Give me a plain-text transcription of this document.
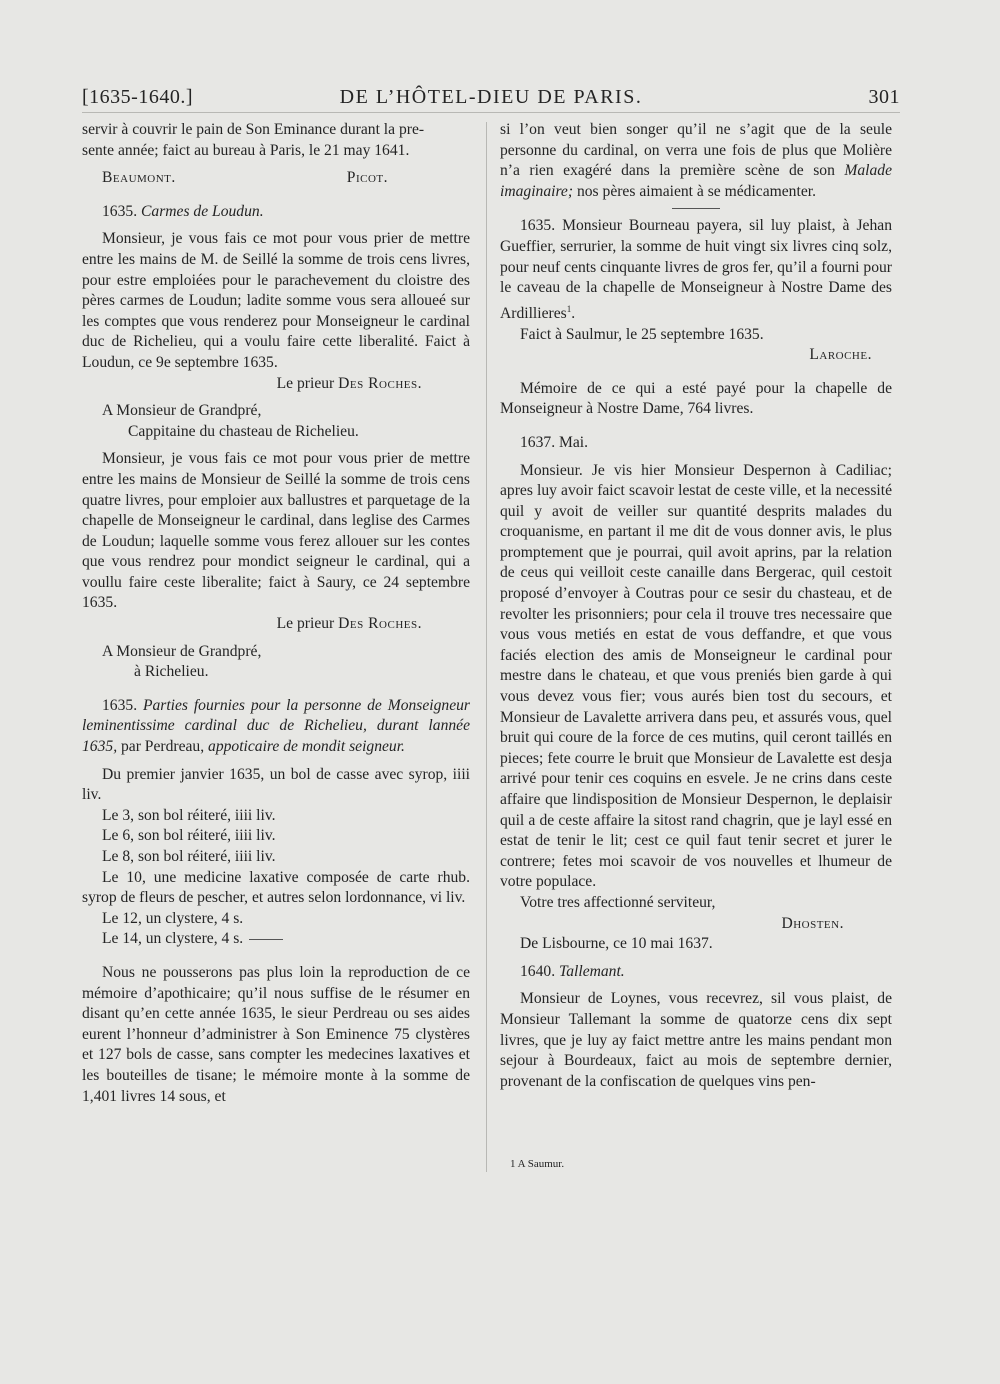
[1635-1640.]	DE L’HÔTEL-DIEU DE PARIS.	301

servir à couvrir le pain de Son Eminance durant la pre-

sente année; faict au bureau à Paris, le 21 may 1641.

Beaumont.	Picot.

1635. Carmes de Loudun.

Monsieur, je vous fais ce mot pour vous prier de mettre entre les mains de M. de Seillé la somme de trois cens livres, pour estre emploiées pour le parachevement du cloistre des pères carmes de Loudun; ladite somme vous sera alloueé sur les comptes que vous renderez pour Monseigneur le cardinal duc de Richelieu, qui a voulu faire cette liberalité. Faict à Loudun, ce 9e septembre 1635.

Le prieur Des Roches.

A Monsieur de Grandpré,

Cappitaine du chasteau de Richelieu.

Monsieur, je vous fais ce mot pour vous prier de mettre entre les mains de Monsieur de Seillé la somme de trois cens quatre livres, pour emploier aux ballustres et parquetage de la chapelle de Monseigneur le cardinal, dans leglise des Carmes de Loudun; laquelle somme vous ferez allouer sur les contes que vous rendrez pour mondict seigneur le cardinal, qui a voullu faire ceste liberalite; faict à Saury, ce 24 septembre 1635.

Le prieur Des Roches.

A Monsieur de Grandpré,

à Richelieu.

1635. Parties fournies pour la personne de Monseigneur leminentissime cardinal duc de Richelieu, durant lannée 1635, par Perdreau, appoticaire de mondit seigneur.

Du premier janvier 1635, un bol de casse avec syrop, iiii liv.

Le 3, son bol réiteré, iiii liv.

Le 6, son bol réiteré, iiii liv.

Le 8, son bol réiteré, iiii liv.

Le 10, une medicine laxative composée de carte rhub. syrop de fleurs de pescher, et autres selon lordonnance, vi liv.

Le 12, un clystere, 4 s.

Le 14, un clystere, 4 s.

Nous ne pousserons pas plus loin la reproduction de ce mémoire d’apothicaire; qu’il nous suffise de le résumer en disant qu’en cette année 1635, le sieur Perdreau ou ses aides eurent l’honneur d’administrer à Son Eminence 75 clystères et 127 bols de casse, sans compter les medecines laxatives et les bouteilles de tisane; le mémoire monte à la somme de 1,401 livres 14 sous, et

si l’on veut bien songer qu’il ne s’agit que de la seule personne du cardinal, on verra une fois de plus que Molière n’a rien exagéré dans la première scène de son Malade imaginaire; nos pères aimaient à se médicamenter.

1635. Monsieur Bourneau payera, sil luy plaist, à Jehan Gueffier, serrurier, la somme de huit vingt six livres cinq solz, pour neuf cents cinquante livres de gros fer, qu’il a fourni pour le caveau de la chapelle de Monseigneur à Nostre Dame des Ardillieres$^1$.

Faict à Saulmur, le 25 septembre 1635.

Laroche.

Mémoire de ce qui a esté payé pour la chapelle de Monseigneur à Nostre Dame, 764 livres.

1637. Mai.

Monsieur. Je vis hier Monsieur Despernon à Cadiliac; apres luy avoir faict scavoir lestat de ceste ville, et la necessité quil y avoit de veiller sur quantité desprits malades du croquanisme, en partant il me dit de vous donner avis, le plus promptement que je pourrai, quil avoit aprins, par la relation de ceus qui veilloit ceste canaille dans Bergerac, quil cestoit proposé d’envoyer à Coutras pour ce sesir du chasteau, et de revolter les prisonniers; pour cela il trouve tres necessaire que vous vous metiés en estat de vous deffandre, et que vous faciés election des amis de Monseigneur le cardinal pour mestre dans le chateau, et que vous preniés bien garde à qui vous devez vous fier; vous aurés bien tost du secours, et Monsieur de Lavalette arrivera dans peu, et assurés vous, quel bruit qui coure de la force de ces mutins, quil ceront taillés en pieces; fete courre le bruit que Monsieur de Lavalette est desja arrivé pour tenir ces coquins en esvele. Je ne crins dans ceste affaire que lindisposition de Monsieur Despernon, le deplaisir quil a de ceste affaire la sitost rand chagrin, que je layl essé en estat de tenir le lit; cest ce quil faut tenir secret et jurer le contrere; fetes moi scavoir de vos nouvelles et lhumeur de votre populace.

Votre tres affectionné serviteur,

Dhosten.

De Lisbourne, ce 10 mai 1637.

1640. Tallemant.

Monsieur de Loynes, vous recevrez, sil vous plaist, de Monsieur Tallemant la somme de quatorze cens dix sept livres, que je luy ay faict mettre antre les mains pendant mon sejour à Bourdeaux, faict au mois de septembre dernier, provenant de la confiscation de quelques vins pen-

1 A Saumur.
